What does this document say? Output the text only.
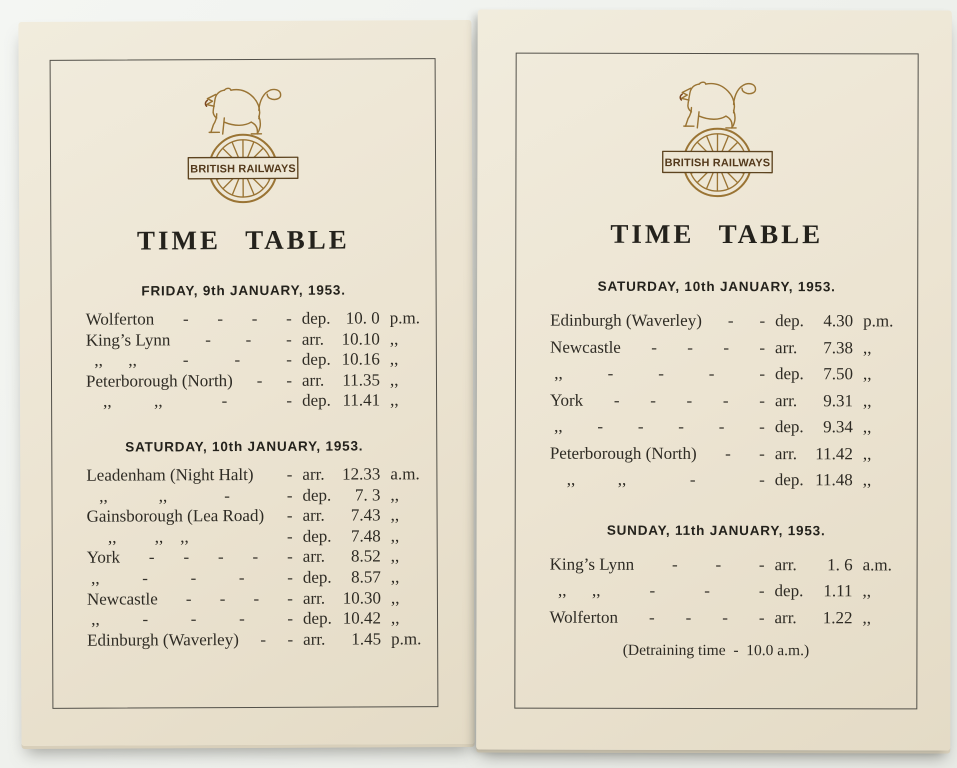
BRITISH RAILWAYS
TIME TABLE
FRIDAY, 9th JANUARY, 1953.
Wolferton - - - - dep. 10. 0 p.m.
King’s Lynn - - - arr.	10.10 ,,
,,      ,,	-	-	- dep. 10.16 ,,
Peterborough (North) - - arr.	11.35 ,,
,,          ,,	-	- dep. 11.41 ,,
SATURDAY, 10th JANUARY, 1953.
Leadenham (Night Halt) - arr.	12.33 a.m.
,,            ,,	-	- dep.	7. 3 ,,
Gainsborough (Lea Road) - arr.	7.43 ,,
,,         ,,    ,,	- dep.	7.48 ,,
York - - - - - arr.	8.52 ,,
,,	-	-	-	- dep.	8.57 ,,
Newcastle - - - - arr.	10.30 ,,
,,	-	-	-	- dep. 10.42 ,,
Edinburgh (Waverley) - - arr.	1.45 p.m.
BRITISH RAILWAYS
TIME TABLE
SATURDAY, 10th JANUARY, 1953.
Edinburgh (Waverley) - - dep.	4.30 p.m.
Newcastle - - - - arr.	7.38 ,,
,,	-	-	-	- dep.	7.50 ,,
York - - - - - arr.	9.31 ,,
,, - - - - - dep.	9.34 ,,
Peterborough (North) - - arr.	11.42 ,,
,,          ,,	-	- dep. 11.48 ,,
SUNDAY, 11th JANUARY, 1953.
King’s Lynn - - - arr.	1. 6 a.m.
,,      ,,	-	-	- dep.	1.11 ,,
Wolferton - - - - arr.	1.22 ,,
(Detraining time  -  10.0 a.m.)
